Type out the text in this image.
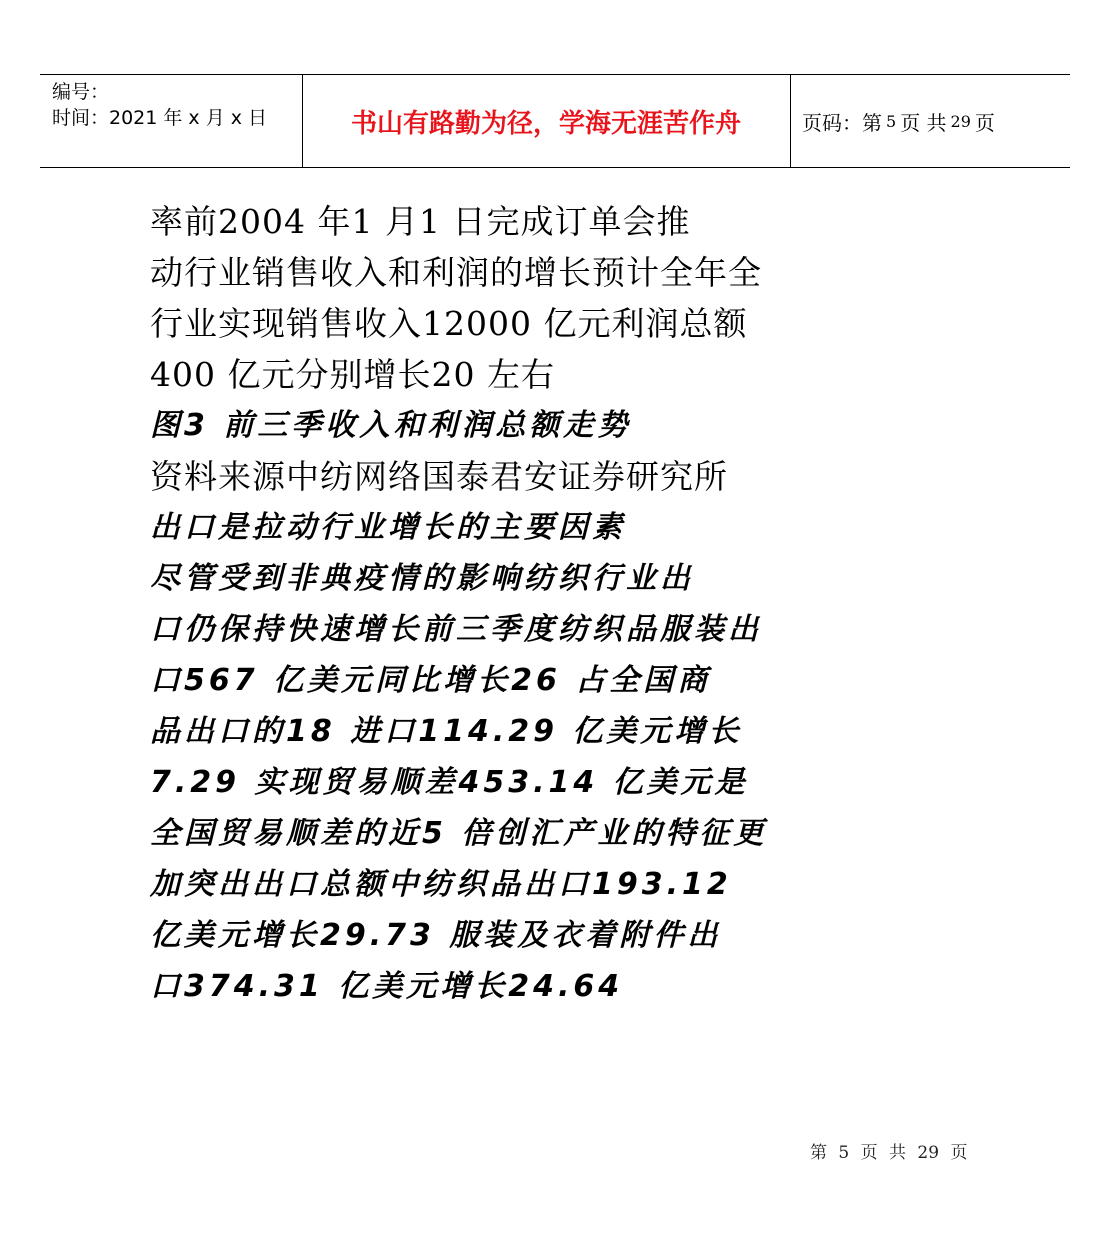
编号：
时间：2021 年 x 月 x 日	书山有路勤为径，学海无涯苦作舟	页码：第 5 页 共 29 页
率前2004 年1 月1 日完成订单会推
动行业销售收入和利润的增长预计全年全
行业实现销售收入12000 亿元利润总额
400 亿元分别增长20 左右
图3 前三季收入和利润总额走势
资料来源中纺网络国泰君安证券研究所
出口是拉动行业增长的主要因素
尽管受到非典疫情的影响纺织行业出
口仍保持快速增长前三季度纺织品服装出
口567 亿美元同比增长26 占全国商
品出口的18 进口114.29 亿美元增长
7.29 实现贸易顺差453.14 亿美元是
全国贸易顺差的近5 倍创汇产业的特征更
加突出出口总额中纺织品出口193.12
亿美元增长29.73 服装及衣着附件出
口374.31 亿美元增长24.64
第 5 页 共 29 页
